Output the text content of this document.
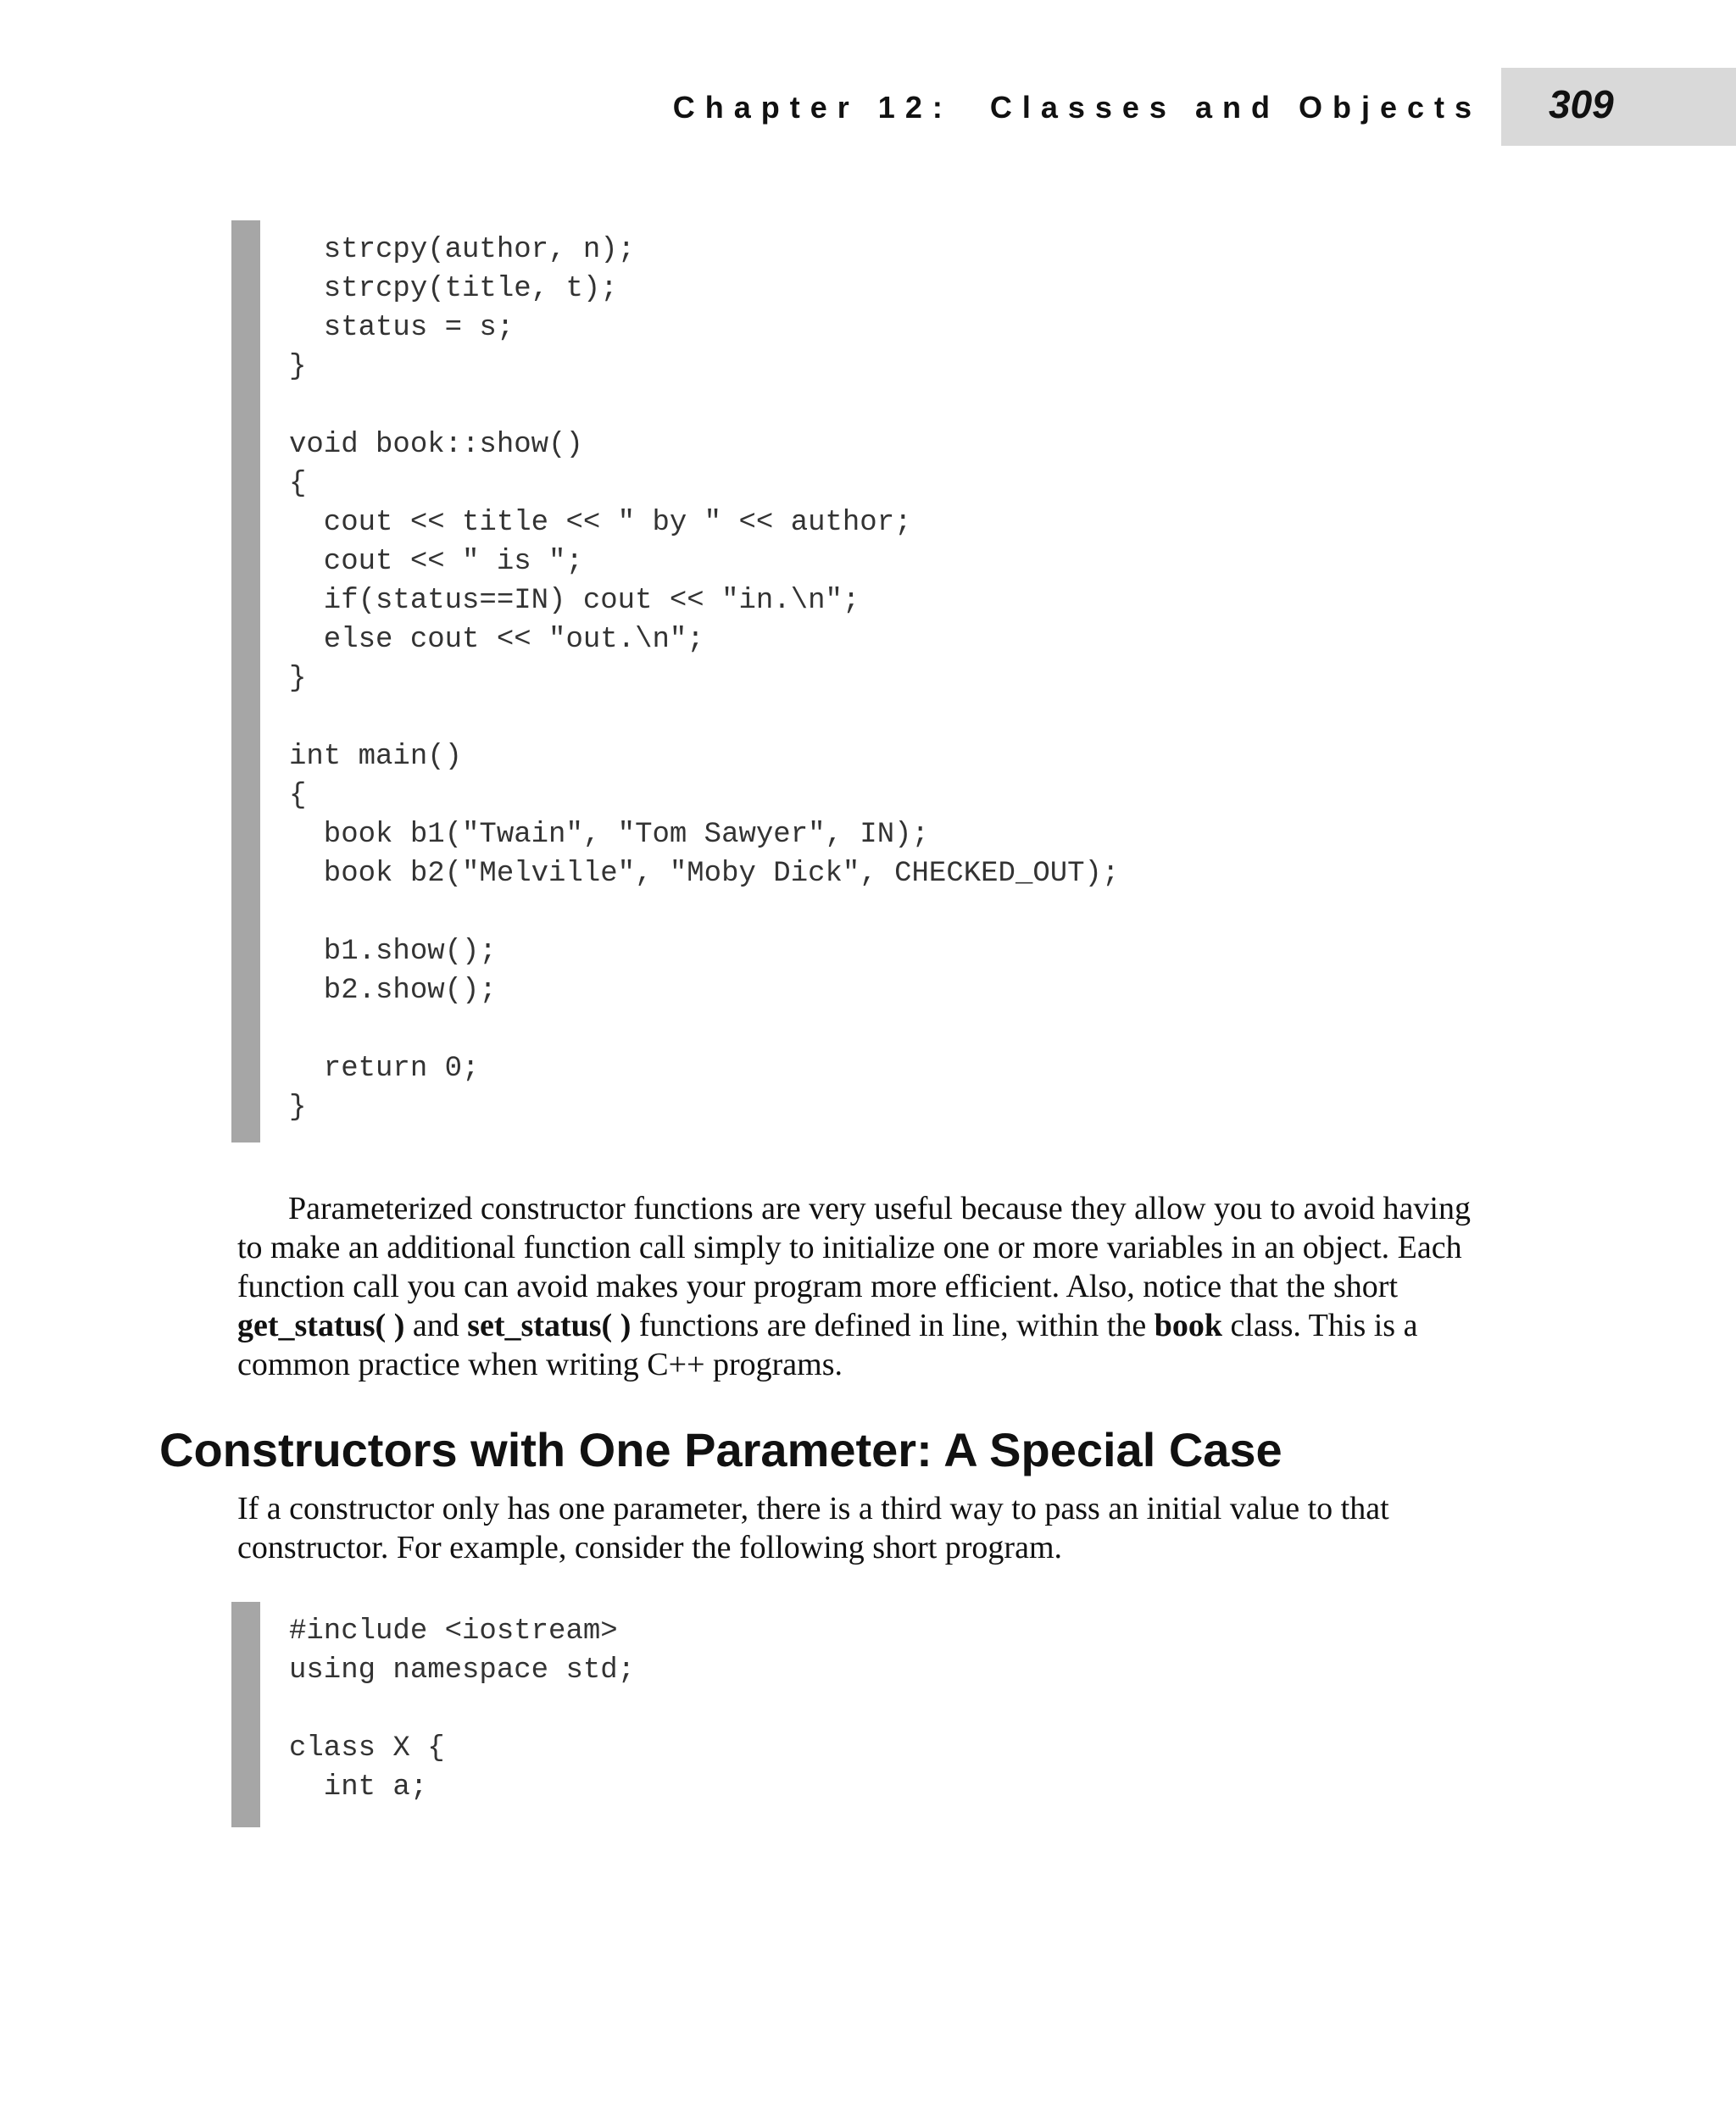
Chapter 12:  Classes and Objects 309
strcpy(author, n);
strcpy(title, t);
status = s;
}

void book::show()
{
cout << title << " by " << author;
cout << " is ";
if(status==IN) cout << "in.\n";
else cout << "out.\n";
}

int main()
{
book b1("Twain", "Tom Sawyer", IN);
book b2("Melville", "Moby Dick", CHECKED_OUT);

b1.show();
b2.show();

return 0;
}

Parameterized constructor functions are very useful because they allow you to avoid having to make an additional function call simply to initialize one or more variables in an object. Each function call you can avoid makes your program more efficient. Also, notice that the short get_status( ) and set_status( ) functions are defined in line, within the book class. This is a common practice when writing C++ programs.

Constructors with One Parameter: A Special Case

If a constructor only has one parameter, there is a third way to pass an initial value to that constructor. For example, consider the following short program.

#include <iostream>
using namespace std;

class X {
int a;
